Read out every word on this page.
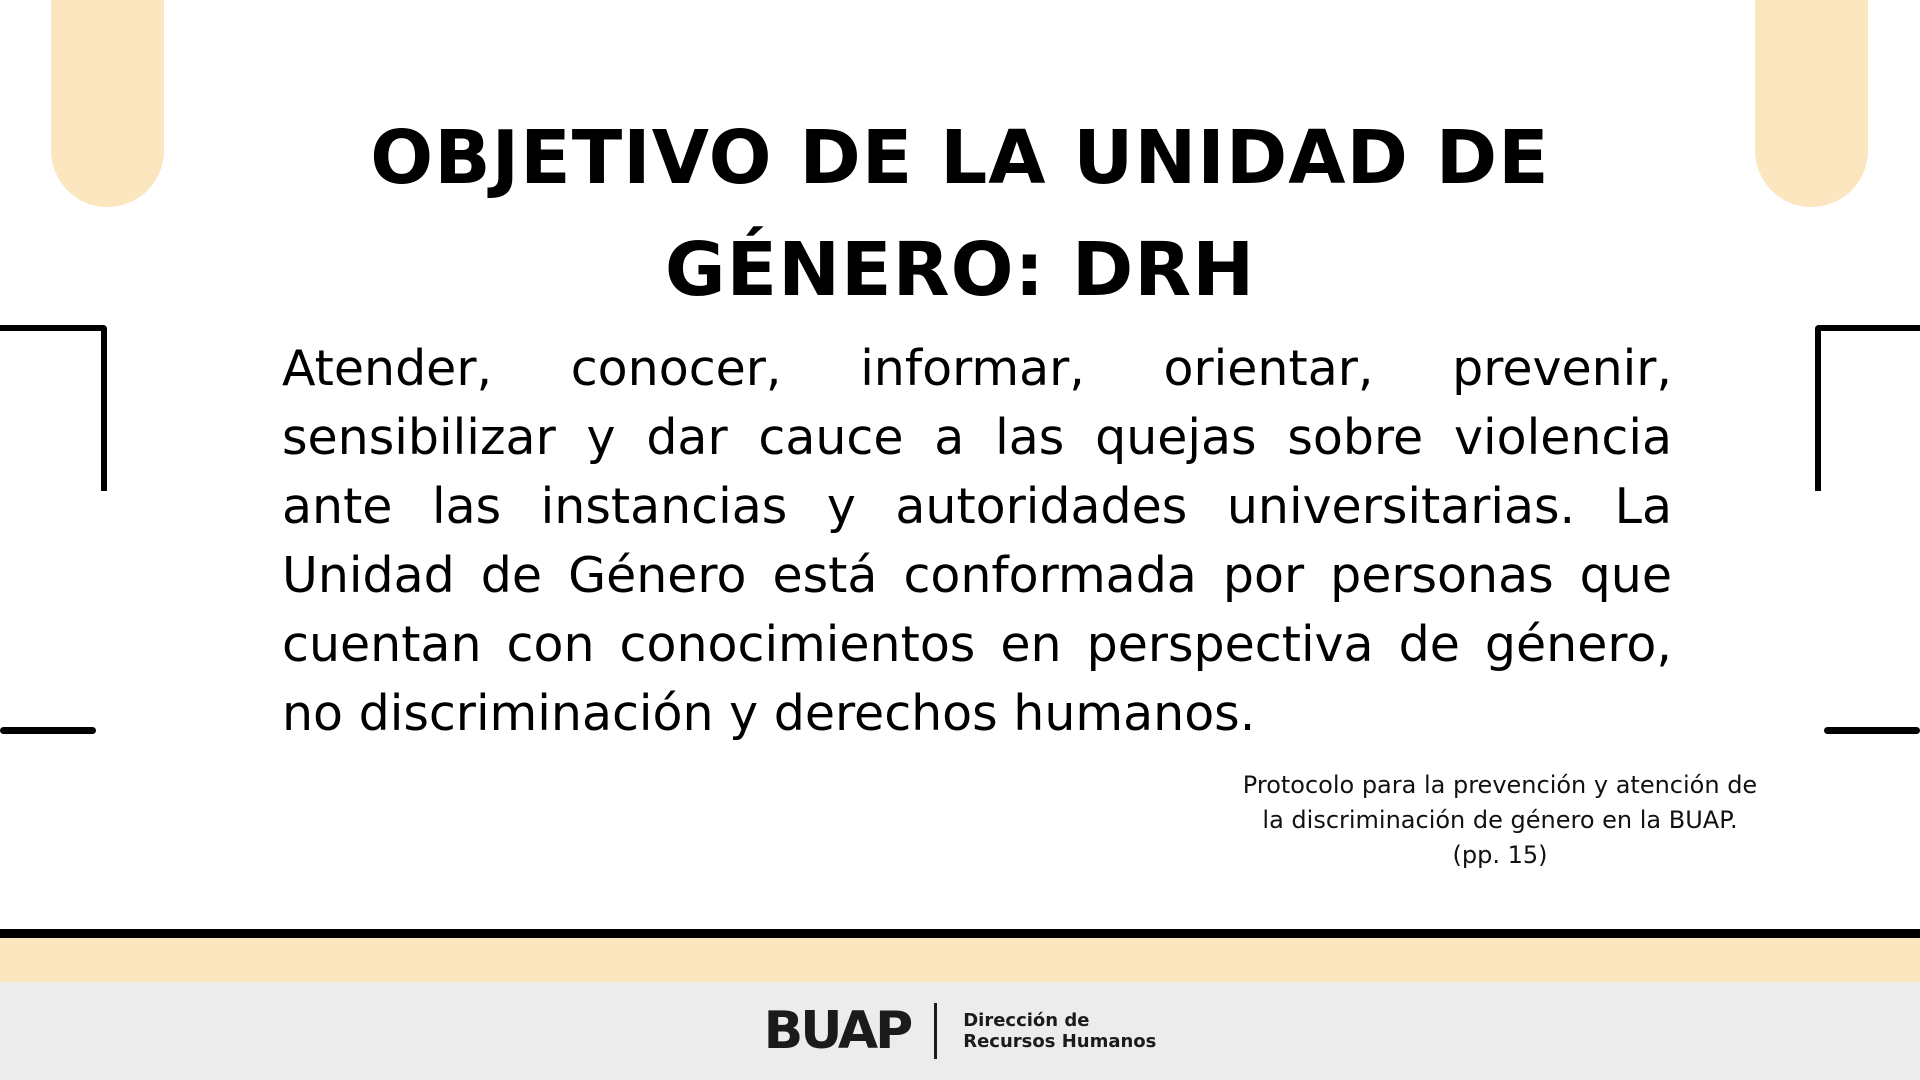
OBJETIVO DE LA UNIDAD DE GÉNERO: DRH

Atender, conocer, informar, orientar, prevenir, sensibilizar y dar cauce a las quejas sobre violencia ante las instancias y autoridades universitarias. La Unidad de Género está conformada por personas que cuentan con conocimientos en perspectiva de género, no discriminación y derechos humanos.

Protocolo para la prevención y atención de
la discriminación de género en la BUAP.
(pp. 15)
BUAP	Dirección de
Recursos Humanos
